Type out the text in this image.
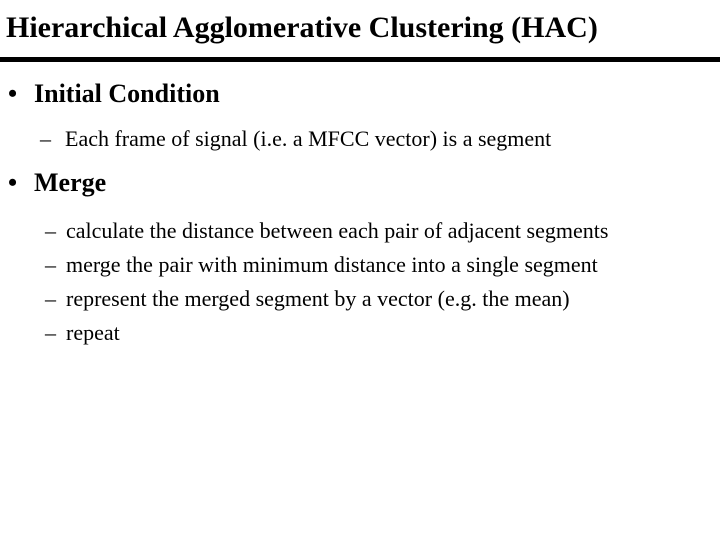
Hierarchical Agglomerative Clustering (HAC)
• Initial Condition
– Each frame of signal (i.e. a MFCC vector) is a segment
• Merge
– calculate the distance between each pair of adjacent segments
– merge the pair with minimum distance into a single segment
– represent the merged segment by a vector (e.g. the mean)
– repeat
